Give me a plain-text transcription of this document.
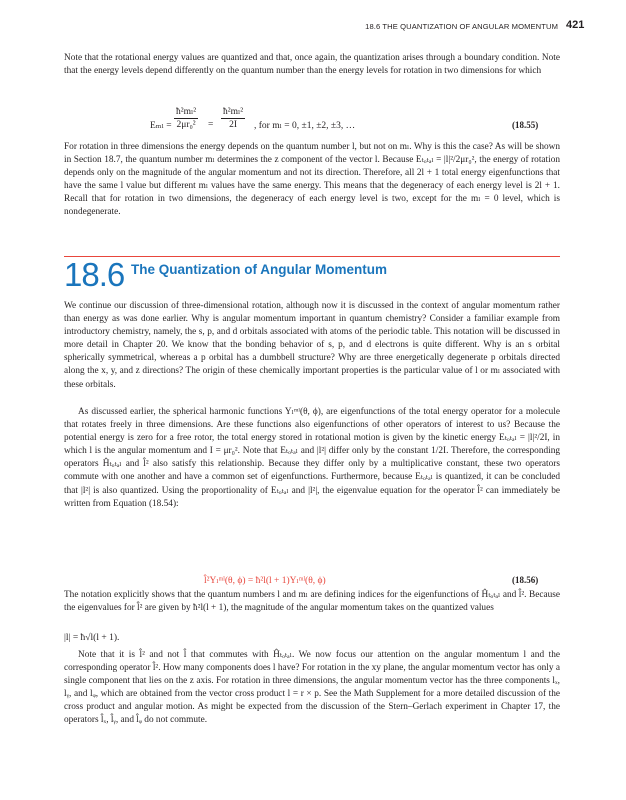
18.6 THE QUANTIZATION OF ANGULAR MOMENTUM 421

Note that the rotational energy values are quantized and that, once again, the quantization arises through a boundary condition. Note that the energy levels depend differently on the quantum number than the energy levels for rotation in two dimensions for which

$E_{ml} = \frac{\text{ħ²mₗ²}}{\text{2μr₀²}} = \frac{\text{ħ²mₗ²}}{2I}$ , for mₗ = 0, ±1, ±2, ±3, …	(18.55)

For rotation in three dimensions the energy depends on the quantum number l, but not on mₗ. Why is this the case? As will be shown in Section 18.7, the quantum number mₗ determines the z component of the vector l. Because Eₜₒₜₐₗ = |l|²/2μr₀², the energy of rotation depends only on the magnitude of the angular momentum and not its direction. Therefore, all 2l + 1 total energy eigenfunctions that have the same l value but different mₗ values have the same energy. This means that the degeneracy of each energy level is 2l + 1. Recall that for rotation in two dimensions, the degeneracy of each energy level is two, except for the mₗ = 0 level, which is nondegenerate.

18.6 The Quantization of Angular Momentum

We continue our discussion of three-dimensional rotation, although now it is discussed in the context of angular momentum rather than energy as was done earlier. Why is angular momentum important in quantum chemistry? Consider a familiar example from introductory chemistry, namely, the s, p, and d orbitals associated with atoms of the periodic table. This notation will be discussed in more detail in Chapter 20. We know that the bonding behavior of s, p, and d electrons is quite different. Why is an s orbital spherically symmetrical, whereas a p orbital has a dumbbell structure? Why are three energetically degenerate p orbitals directed along the x, y, and z directions? The origin of these chemically important properties is the particular value of l or mₗ associated with these orbitals.

As discussed earlier, the spherical harmonic functions Yₗᵐˡ(θ, ϕ), are eigenfunctions of the total energy operator for a molecule that rotates freely in three dimensions. Are these functions also eigenfunctions of other operators of interest to us? Because the potential energy is zero for a free rotor, the total energy stored in rotational motion is given by the kinetic energy Eₜₒₜₐₗ = |l|²/2I, in which l is the angular momentum and I = μr₀². Note that Eₜₒₜₐₗ and |l²| differ only by the constant 1/2I. Therefore, the corresponding operators Ĥₜₒₜₐₗ and l̂² also satisfy this relationship. Because they differ only by a multiplicative constant, these two operators commute with one another and have a common set of eigenfunctions. Furthermore, because Eₜₒₜₐₗ is quantized, it can be concluded that |l²| is also quantized. Using the proportionality of Eₜₒₜₐₗ and |l²|, the eigenvalue equation for the operator l̂² can immediately be written from Equation (18.54):

l̂²Yₗᵐˡ(θ, ϕ) = ħ²l(l + 1)Yₗᵐˡ(θ, ϕ)	(18.56)

The notation explicitly shows that the quantum numbers l and mₗ are defining indices for the eigenfunctions of Ĥₜₒₜₐₗ and l̂². Because the eigenvalues for l̂² are given by ħ²l(l + 1), the magnitude of the angular momentum takes on the quantized values

|l| = ħ√l(l + 1).

Note that it is l̂² and not l̂ that commutes with Ĥₜₒₜₐₗ. We now focus our attention on the angular momentum l and the corresponding operator l̂². How many components does l have? For rotation in the xy plane, the angular momentum vector has only a single component that lies on the z axis. For rotation in three dimensions, the angular momentum vector has the three components lₓ, lᵧ, and lᵩ, which are obtained from the vector cross product l = r × p. See the Math Supplement for a more detailed discussion of the cross product and angular motion. As might be expected from the discussion of the Stern–Gerlach experiment in Chapter 17, the operators l̂ₓ, l̂ᵧ, and l̂ᵩ do not commute.
